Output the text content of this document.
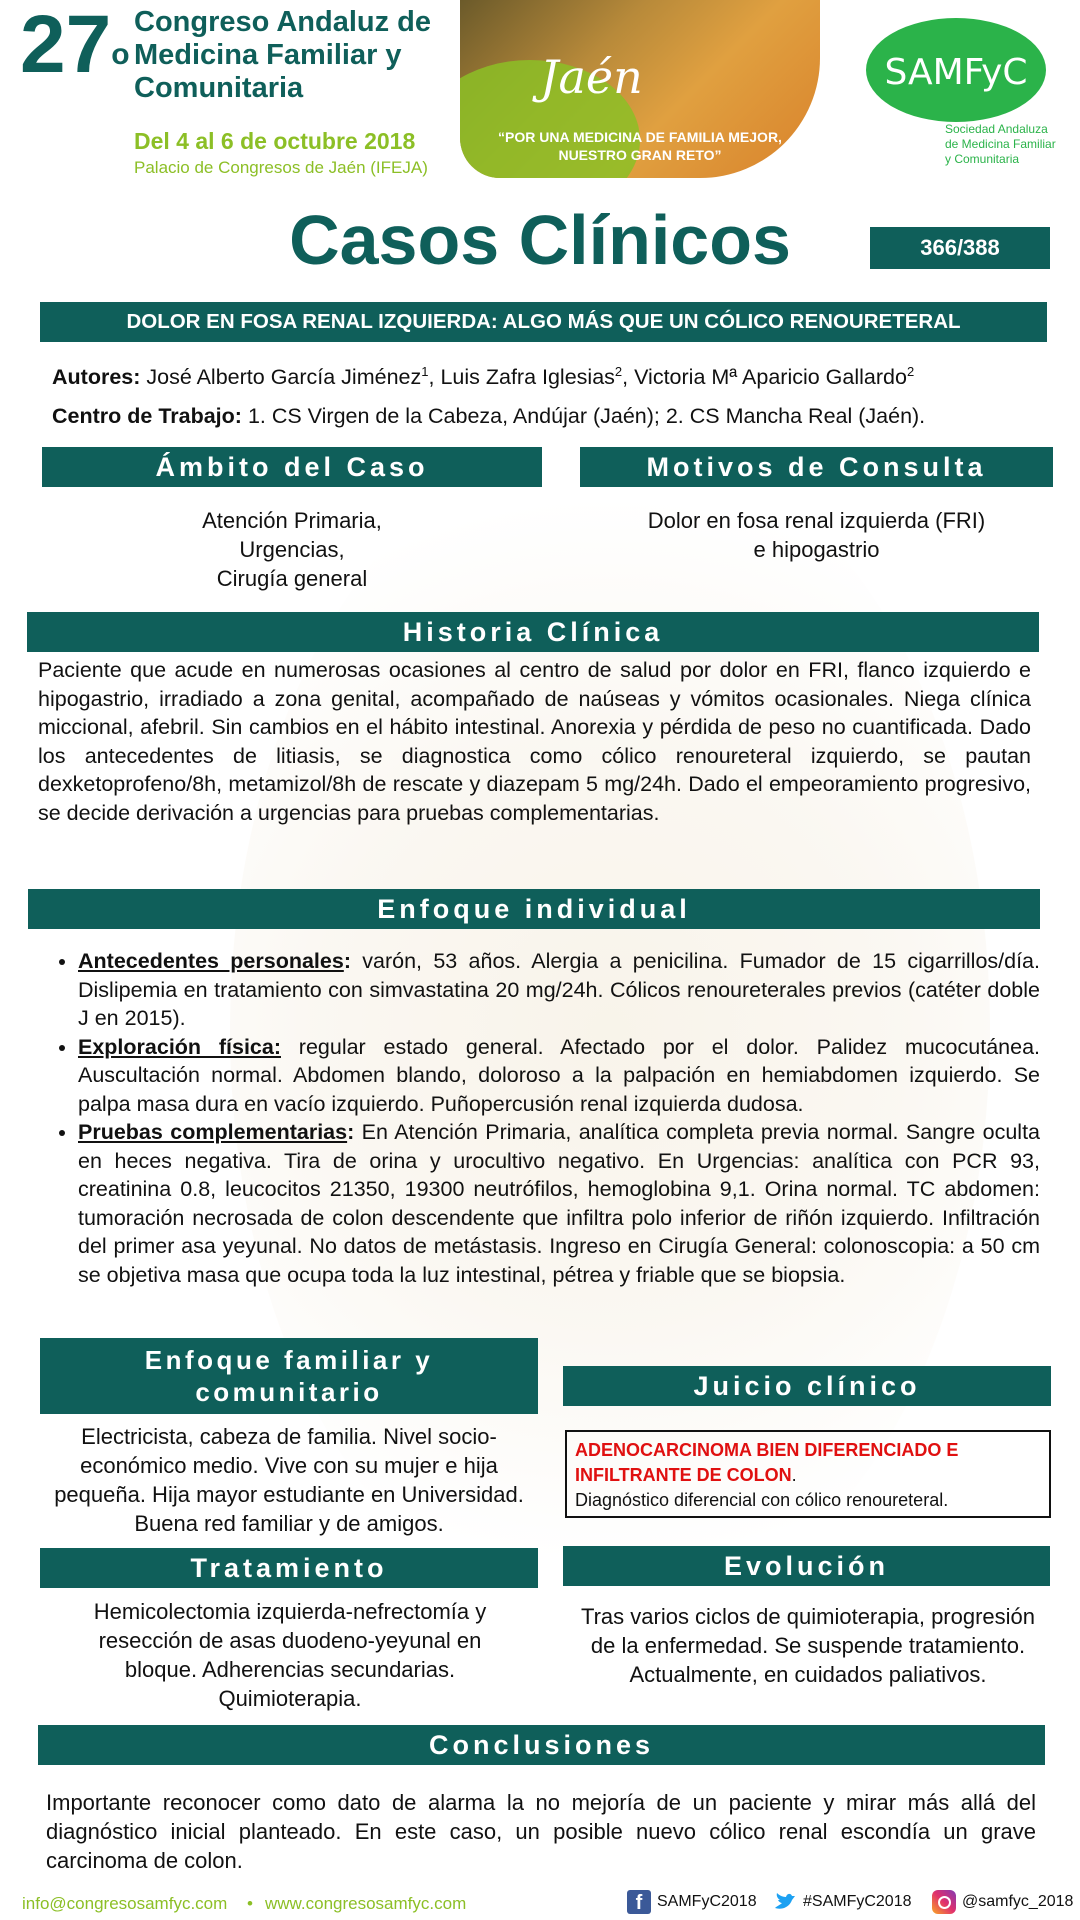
27$^o$
Congreso Andaluz de
Medicina Familiar y
Comunitaria
Del 4 al 6 de octubre 2018
Palacio de Congresos de Jaén (IFEJA)
Jaén
“POR UNA MEDICINA DE FAMILIA MEJOR,
NUESTRO GRAN RETO”
SAMFyC
Sociedad Andaluza
de Medicina Familiar
y Comunitaria
Casos Clínicos	366/388
DOLOR EN FOSA RENAL IZQUIERDA: ALGO MÁS QUE UN CÓLICO RENOURETERAL
Autores: José Alberto García Jiménez$^1$, Luis Zafra Iglesias$^2$, Victoria Mª Aparicio Gallardo$^2$
Centro de Trabajo: 1. CS Virgen de la Cabeza, Andújar (Jaén); 2. CS Mancha Real (Jaén).
Ámbito del Caso	Motivos de Consulta
Atención Primaria,
Urgencias,
Cirugía general
Dolor en fosa renal izquierda (FRI)
e hipogastrio
Historia Clínica
Paciente que acude en numerosas ocasiones al centro de salud por dolor en FRI, flanco izquierdo e hipogastrio, irradiado a zona genital, acompañado de naúseas y vómitos ocasionales. Niega clínica miccional, afebril. Sin cambios en el hábito intestinal. Anorexia y pérdida de peso no cuantificada. Dado los antecedentes de litiasis, se diagnostica como cólico renoureteral izquierdo, se pautan dexketoprofeno/8h, metamizol/8h de rescate y diazepam 5 mg/24h. Dado el empeoramiento progresivo, se decide derivación a urgencias para pruebas complementarias.
Enfoque individual
• Antecedentes personales: varón, 53 años. Alergia a penicilina. Fumador de 15 cigarrillos/día. Dislipemia en tratamiento con simvastatina 20 mg/24h. Cólicos renoureterales previos (catéter doble J en 2015).
• Exploración física: regular estado general. Afectado por el dolor. Palidez mucocutánea. Auscultación normal. Abdomen blando, doloroso a la palpación en hemiabdomen izquierdo. Se palpa masa dura en vacío izquierdo. Puñopercusión renal izquierda dudosa.
• Pruebas complementarias: En Atención Primaria, analítica completa previa normal. Sangre oculta en heces negativa. Tira de orina y urocultivo negativo. En Urgencias: analítica con PCR 93, creatinina 0.8, leucocitos 21350, 19300 neutrófilos, hemoglobina 9,1. Orina normal. TC abdomen: tumoración necrosada de colon descendente que infiltra polo inferior de riñón izquierdo. Infiltración del primer asa yeyunal. No datos de metástasis. Ingreso en Cirugía General: colonoscopia: a 50 cm se objetiva masa que ocupa toda la luz intestinal, pétrea y friable que se biopsia.
Enfoque familiar y
comunitario	Juicio clínico
Electricista, cabeza de familia. Nivel socio-económico medio. Vive con su mujer e hija pequeña. Hija mayor estudiante en Universidad. Buena red familiar y de amigos.
ADENOCARCINOMA BIEN DIFERENCIADO E INFILTRANTE DE COLON.
Diagnóstico diferencial con cólico renoureteral.
Tratamiento	Evolución
Hemicolectomia izquierda-nefrectomía y resección de asas duodeno-yeyunal en bloque. Adherencias secundarias. Quimioterapia.
Tras varios ciclos de quimioterapia, progresión de la enfermedad. Se suspende tratamiento. Actualmente, en cuidados paliativos.
Conclusiones
Importante reconocer como dato de alarma la no mejoría de un paciente y mirar más allá del diagnóstico inicial planteado. En este caso, un posible nuevo cólico renal escondía un grave carcinoma de colon.
info@congresosamfyc.com • www.congresosamfyc.com	f SAMFyC2018	#SAMFyC2018	@samfyc_2018
